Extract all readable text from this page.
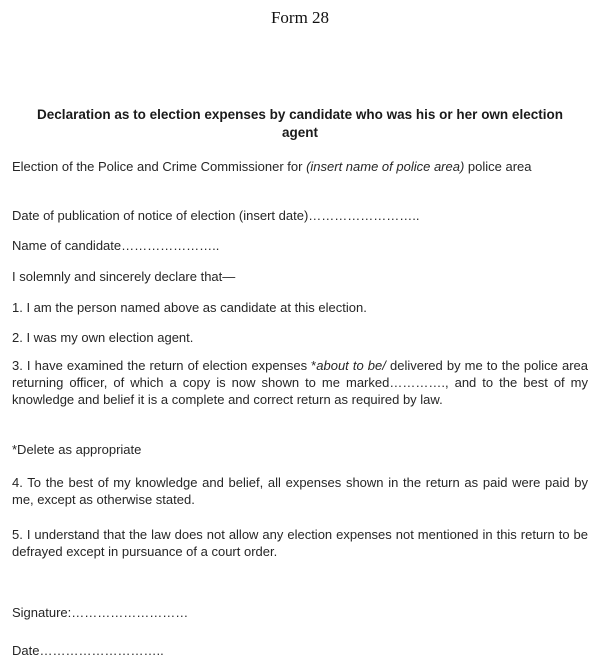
Form 28
Declaration as to election expenses by candidate who was his or her own election agent
Election of the Police and Crime Commissioner for (insert name of police area) police area
Date of publication of notice of election (insert date)……………………..
Name of candidate…………………..
I solemnly and sincerely declare that—
1. I am the person named above as candidate at this election.
2. I was my own election agent.
3. I have examined the return of election expenses *about to be/ delivered by me to the police area returning officer, of which a copy is now shown to me marked…………., and to the best of my knowledge and belief it is a complete and correct return as required by law.
*Delete as appropriate
4. To the best of my knowledge and belief, all expenses shown in the return as paid were paid by me, except as otherwise stated.
5. I understand that the law does not allow any election expenses not mentioned in this return to be defrayed except in pursuance of a court order.
Signature:………………………
Date………………………..
